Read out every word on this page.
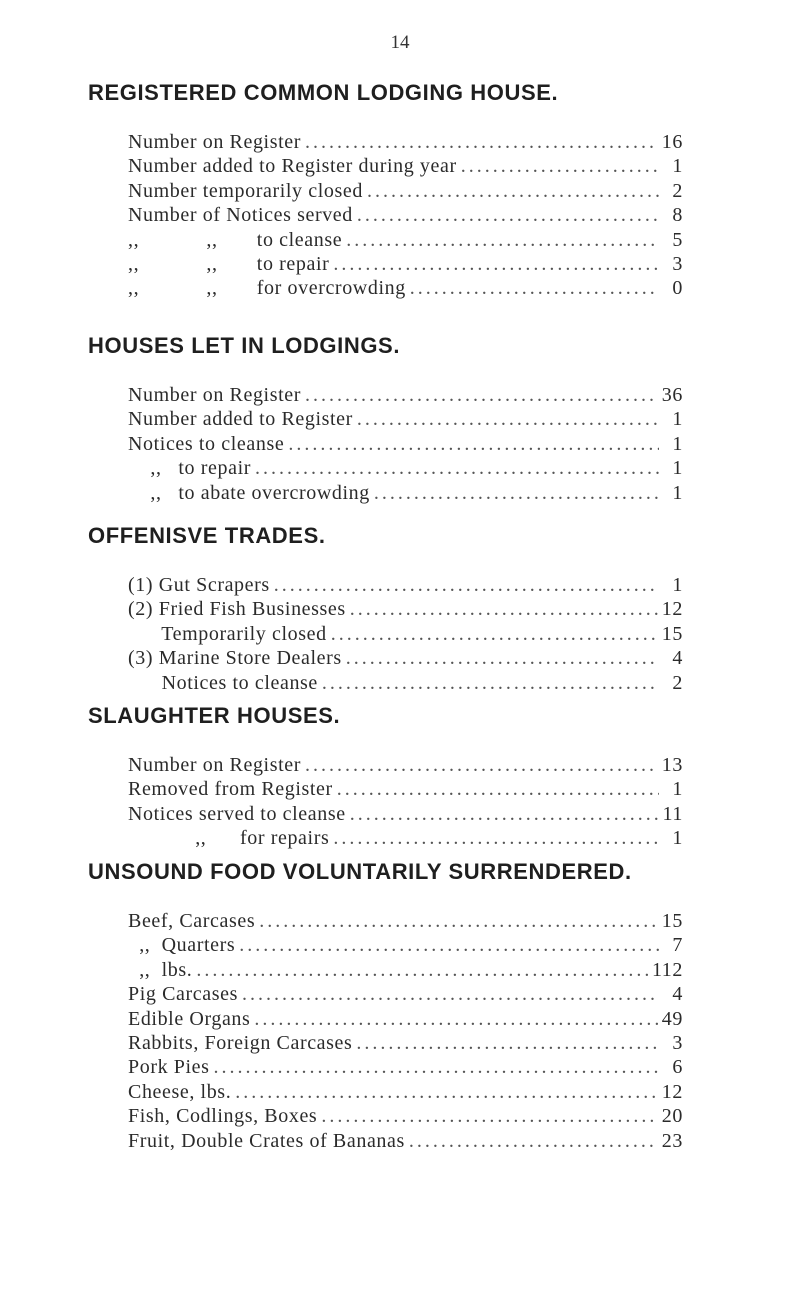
14
REGISTERED COMMON LODGING HOUSE.
Number on Register .....	16
Number added to Register during year .....	1
Number temporarily closed .....	2
Number of Notices served .....	8
,,            ,,       to cleanse .....	5
,,            ,,       to repair .....	3
,,            ,,       for overcrowding .....	0
HOUSES LET IN LODGINGS.
Number on Register .....	36
Number added to Register .....	1
Notices to cleanse .....	1
,,   to repair .....	1
,,   to abate overcrowding .....	1
OFFENISVE TRADES.
(1) Gut Scrapers .....	1
(2) Fried Fish Businesses .....	12
Temporarily closed .....	15
(3) Marine Store Dealers .....	4
Notices to cleanse .....	2
SLAUGHTER HOUSES.
Number on Register .....	13
Removed from Register .....	1
Notices served to cleanse .....	11
,,      for repairs .....	1
UNSOUND FOOD VOLUNTARILY SURRENDERED.
Beef, Carcases .....	15
,,  Quarters .....	7
,,  lbs. .....	112
Pig Carcases .....	4
Edible Organs .....	49
Rabbits, Foreign Carcases .....	3
Pork Pies .....	6
Cheese, lbs. .....	12
Fish, Codlings, Boxes .....	20
Fruit, Double Crates of Bananas .....	23
